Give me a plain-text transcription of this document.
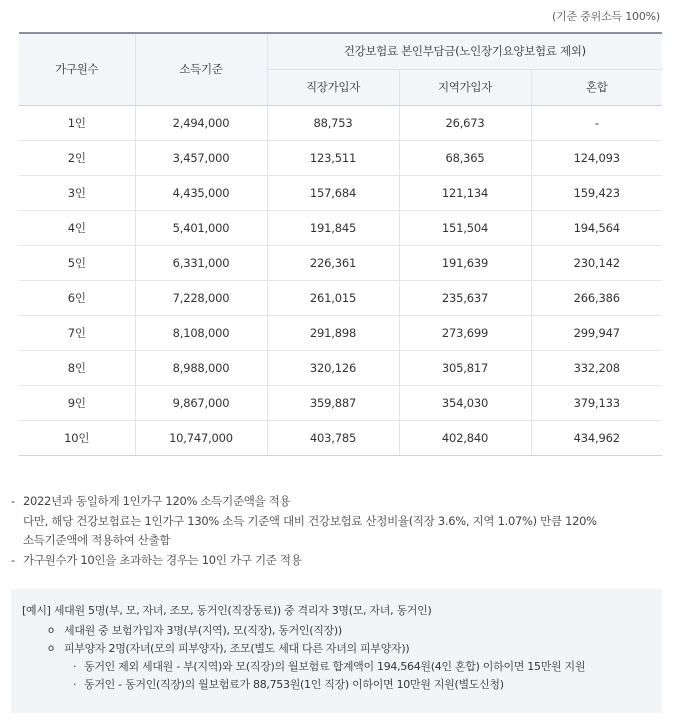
(기준 중위소득 100%)
가구원수	소득기준	건강보험료 본인부담금(노인장기요양보험료 제외)		
		직장가입자	지역가입자	혼합
1인	2,494,000	88,753	26,673	-
2인	3,457,000	123,511	68,365	124,093
3인	4,435,000	157,684	121,134	159,423
4인	5,401,000	191,845	151,504	194,564
5인	6,331,000	226,361	191,639	230,142
6인	7,228,000	261,015	235,637	266,386
7인	8,108,000	291,898	273,699	299,947
8인	8,988,000	320,126	305,817	332,208
9인	9,867,000	359,887	354,030	379,133
10인	10,747,000	403,785	402,840	434,962
- 2022년과 동일하게 1인가구 120% 소득기준액을 적용
다만, 해당 건강보험료는 1인가구 130% 소득 기준액 대비 건강보험료 산정비율(직장 3.6%, 지역 1.07%) 만큼 120%
소득기준액에 적용하여 산출함
- 가구원수가 10인을 초과하는 경우는 10인 가구 기준 적용
[예시] 세대원 5명(부, 모, 자녀, 조모, 동거인(직장동료)) 중 격리자 3명(모, 자녀, 동거인)
o 세대원 중 보험가입자 3명(부(지역), 모(직장), 동거인(직장))
o 피부양자 2명(자녀(모의 피부양자), 조모(별도 세대 다른 자녀의 피부양자))
· 동거인 제외 세대원 - 부(지역)와 모(직장)의 월보험료 합계액이 194,564원(4인 혼합) 이하이면 15만원 지원
· 동거인 - 동거인(직장)의 월보험료가 88,753원(1인 직장) 이하이면 10만원 지원(별도신청)
